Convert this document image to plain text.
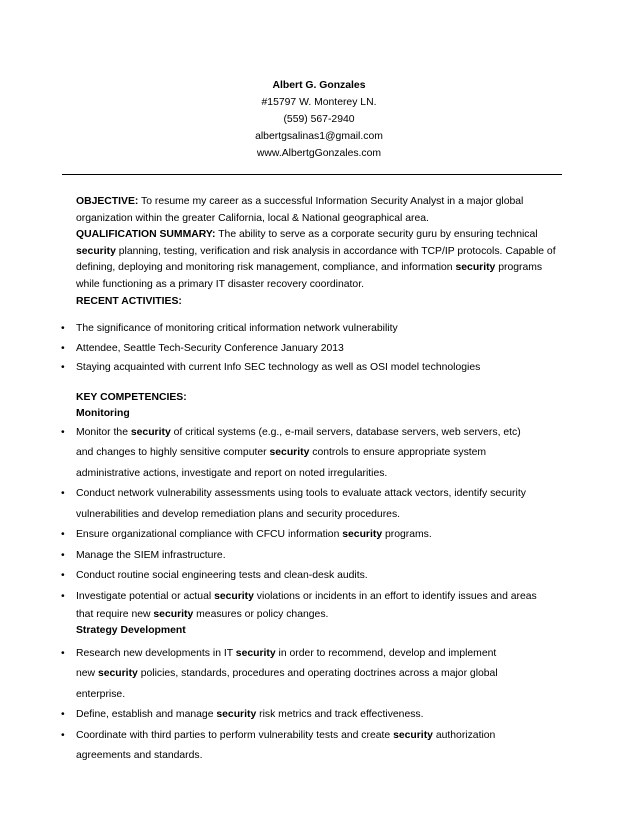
Albert G. Gonzales
#15797 W. Monterey LN.
(559) 567-2940
albertgsalinas1@gmail.com
www.AlbertgGonzales.com

OBJECTIVE: To resume my career as a successful Information Security Analyst in a major global organization within the greater California, local & National geographical area.

QUALIFICATION SUMMARY: The ability to serve as a corporate security guru by ensuring technical security planning, testing, verification and risk analysis in accordance with TCP/IP protocols. Capable of defining, deploying and monitoring risk management, compliance, and information security programs while functioning as a primary IT disaster recovery coordinator.

RECENT ACTIVITIES:

• The significance of monitoring critical information network vulnerability
• Attendee, Seattle Tech-Security Conference January 2013
• Staying acquainted with current Info SEC technology as well as OSI model technologies

KEY COMPETENCIES:

Monitoring

• Monitor the security of critical systems (e.g., e-mail servers, database servers, web servers, etc)
and changes to highly sensitive computer security controls to ensure appropriate system
administrative actions, investigate and report on noted irregularities.
• Conduct network vulnerability assessments using tools to evaluate attack vectors, identify security
vulnerabilities and develop remediation plans and security procedures.
• Ensure organizational compliance with CFCU information security programs.
• Manage the SIEM infrastructure.
• Conduct routine social engineering tests and clean-desk audits.
• Investigate potential or actual security violations or incidents in an effort to identify issues and areas
that require new security measures or policy changes.

Strategy Development

• Research new developments in IT security in order to recommend, develop and implement
new security policies, standards, procedures and operating doctrines across a major global
enterprise.
• Define, establish and manage security risk metrics and track effectiveness.
• Coordinate with third parties to perform vulnerability tests and create security authorization
agreements and standards.
